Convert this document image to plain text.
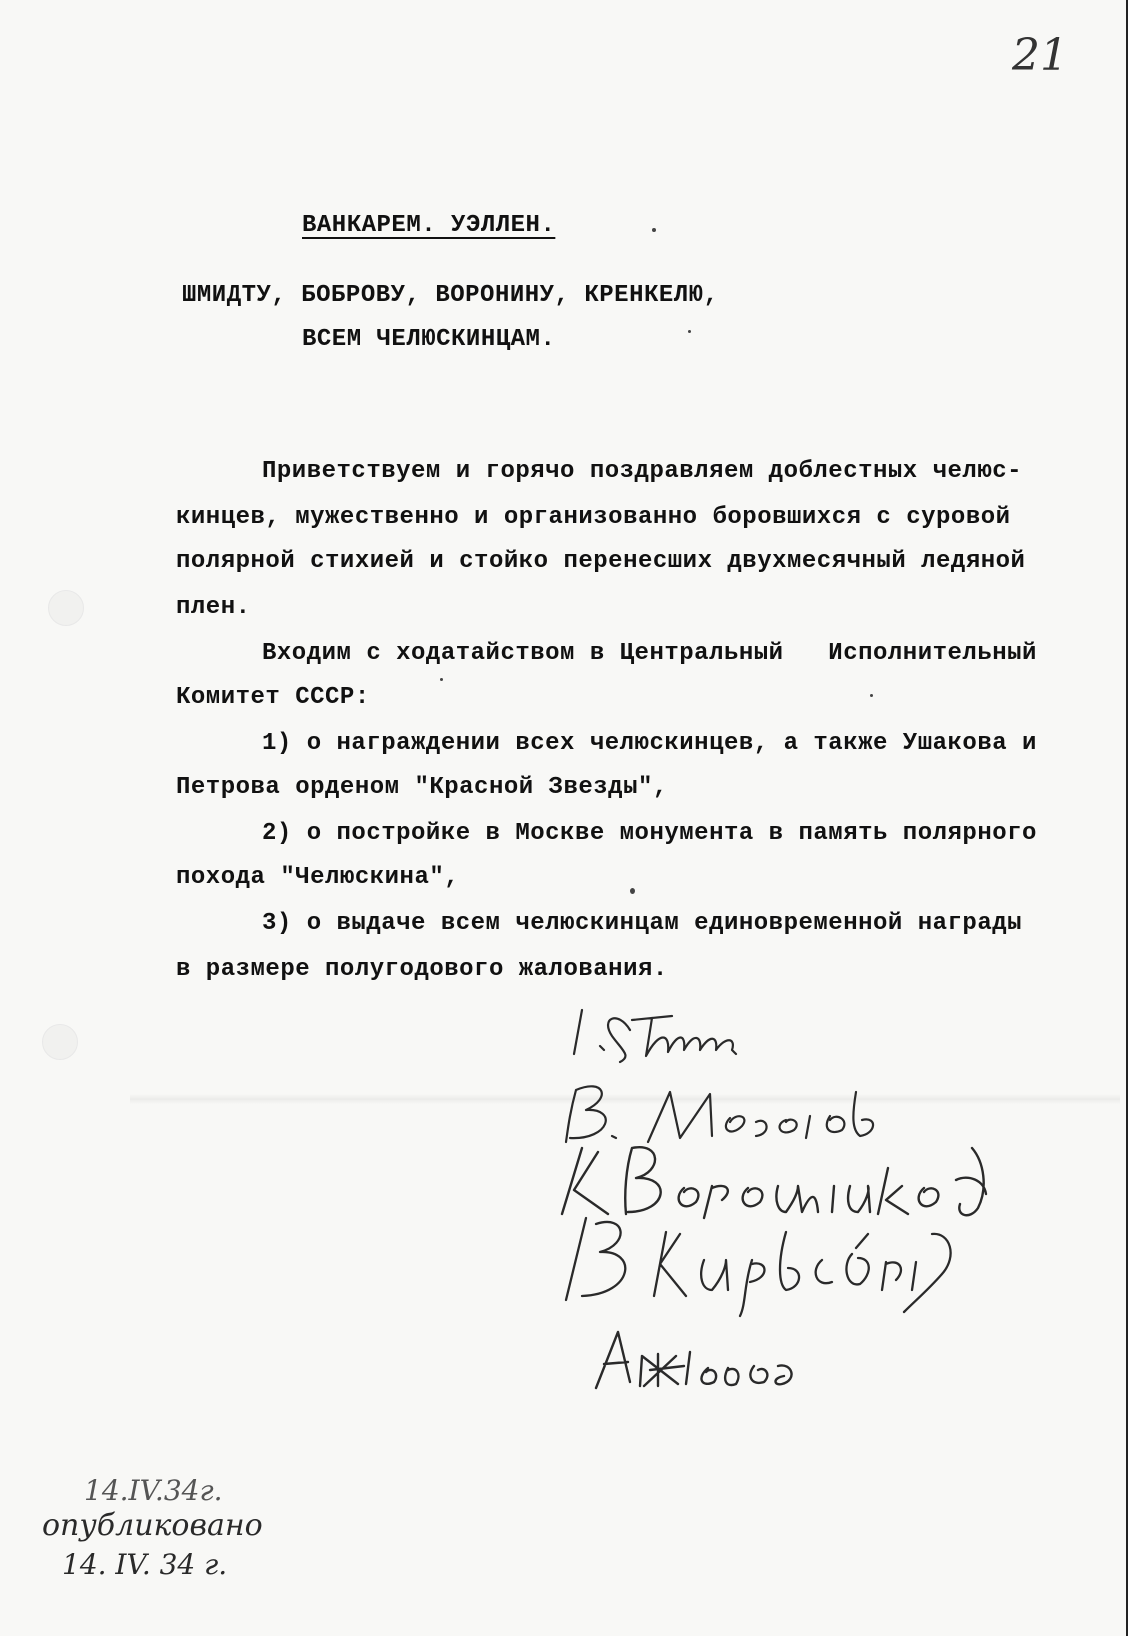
21
ВАНКАРЕМ. УЭЛЛЕН.
ШМИДТУ, БОБРОВУ, ВОРОНИНУ, КРЕНКЕЛЮ,
ВСЕМ ЧЕЛЮСКИНЦАМ.
Приветствуем и горячо поздравляем доблестных челюс-
кинцев, мужественно и организованно боровшихся с суровой
полярной стихией и стойко перенесших двухмесячный ледяной
плен.
Входим с ходатайством в Центральный   Исполнительный
Комитет СССР:
1) о награждении всех челюскинцев, а также Ушакова и
Петрова орденом "Красной Звезды",
2) о постройке в Москве монумента в память полярного
похода "Челюскина",
3) о выдаче всем челюскинцам единовременной награды
в размере полугодового жалования.
14.IV.34г.
опубликовано
14. IV. 34 г.
